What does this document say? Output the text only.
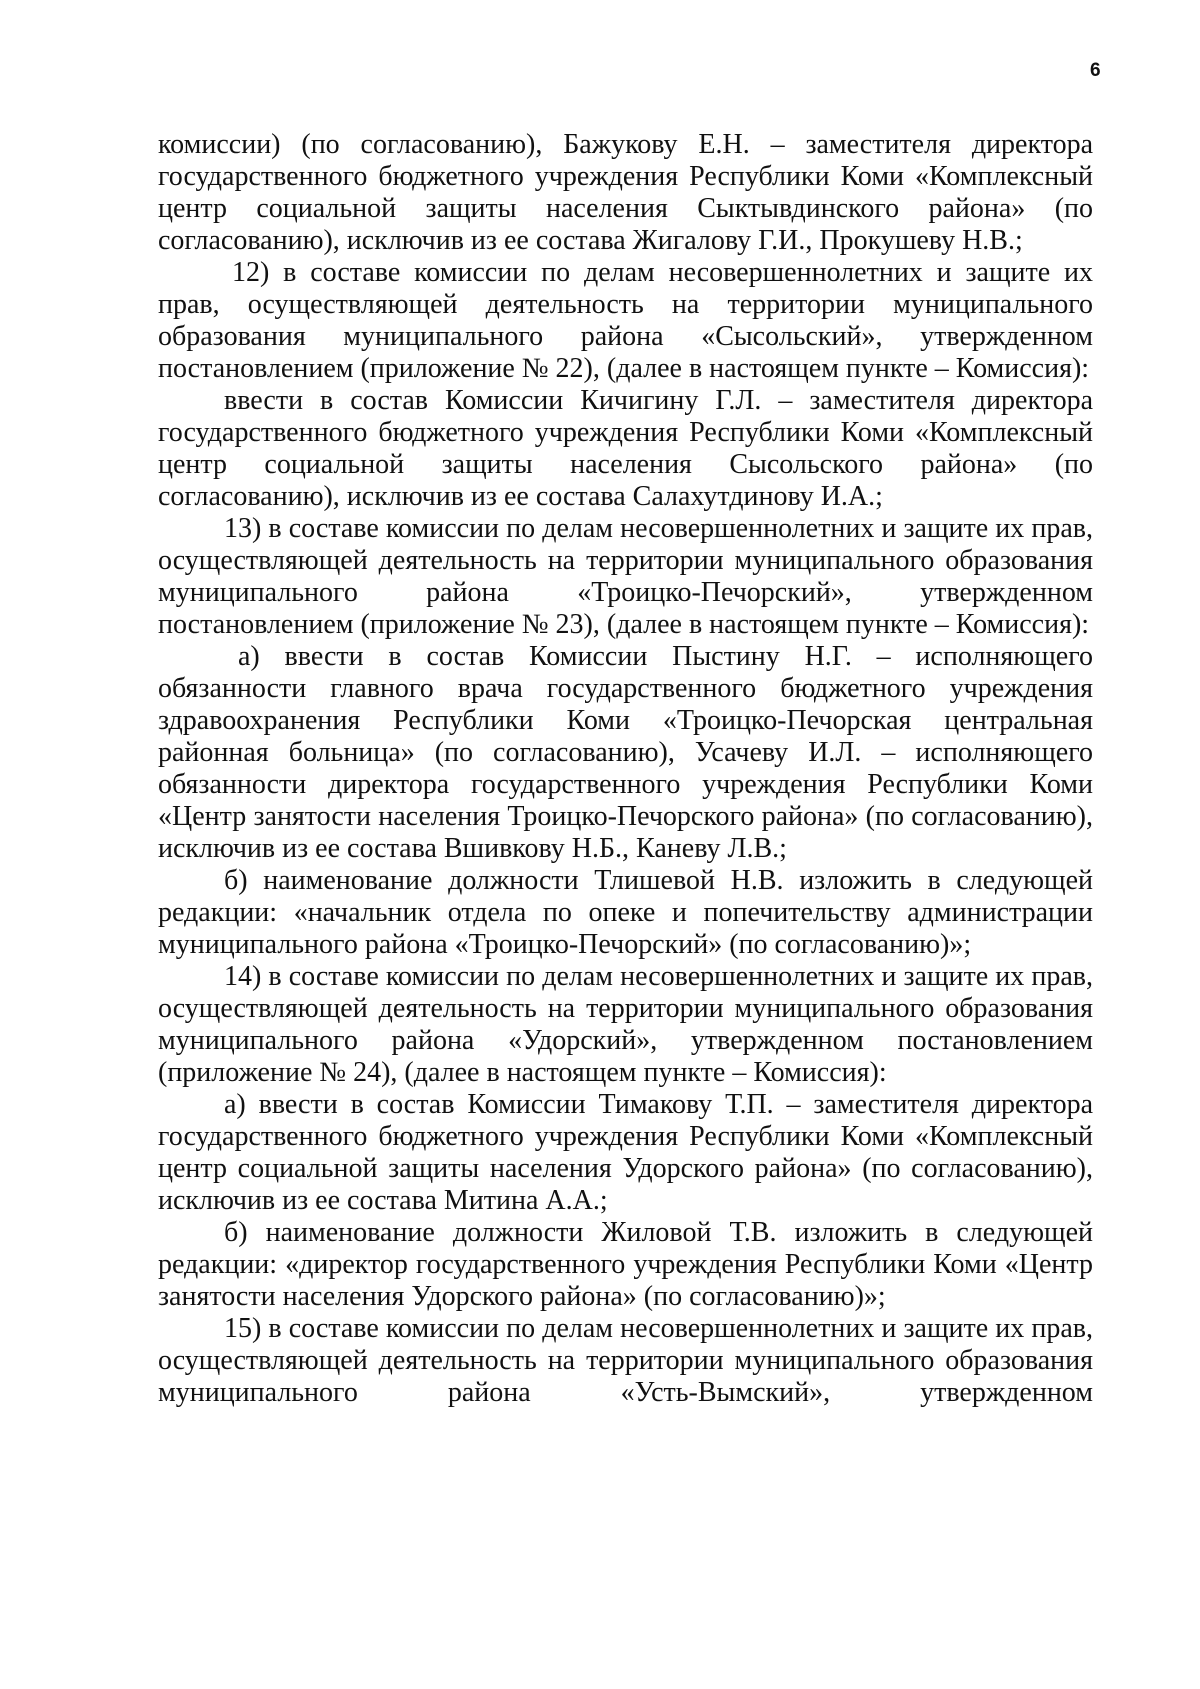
6

комиссии) (по согласованию), Бажукову Е.Н. – заместителя директора государственного бюджетного учреждения Республики Коми «Комплексный центр социальной защиты населения Сыктывдинского района» (по согласованию), исключив из ее состава Жигалову Г.И., Прокушеву Н.В.;

12) в составе комиссии по делам несовершеннолетних и защите их прав, осуществляющей деятельность на территории муниципального образования муниципального района «Сысольский», утвержденном постановлением (приложение № 22), (далее в настоящем пункте – Комиссия):

ввести в состав Комиссии Кичигину Г.Л. – заместителя директора государственного бюджетного учреждения Республики Коми «Комплексный центр социальной защиты населения Сысольского района» (по согласованию), исключив из ее состава Салахутдинову И.А.;

13) в составе комиссии по делам несовершеннолетних и защите их прав, осуществляющей деятельность на территории муниципального образования муниципального района «Троицко-Печорский», утвержденном постановлением (приложение № 23), (далее в настоящем пункте – Комиссия):

а) ввести в состав Комиссии Пыстину Н.Г. – исполняющего обязанности главного врача государственного бюджетного учреждения здравоохранения Республики Коми «Троицко-Печорская центральная районная больница» (по согласованию), Усачеву И.Л. – исполняющего обязанности директора государственного учреждения Республики Коми «Центр занятости населения Троицко-Печорского района» (по согласованию), исключив из ее состава Вшивкову Н.Б., Каневу Л.В.;

б) наименование должности Тлишевой Н.В. изложить в следующей редакции: «начальник отдела по опеке и попечительству администрации муниципального района «Троицко-Печорский» (по согласованию)»;

14) в составе комиссии по делам несовершеннолетних и защите их прав, осуществляющей деятельность на территории муниципального образования муниципального района «Удорский», утвержденном постановлением (приложение № 24), (далее в настоящем пункте – Комиссия):

а) ввести в состав Комиссии Тимакову Т.П. – заместителя директора государственного бюджетного учреждения Республики Коми «Комплексный центр социальной защиты населения Удорского района» (по согласованию), исключив из ее состава Митина А.А.;

б) наименование должности Жиловой Т.В. изложить в следующей редакции: «директор государственного учреждения Республики Коми «Центр занятости населения Удорского района» (по согласованию)»;

15) в составе комиссии по делам несовершеннолетних и защите их прав, осуществляющей деятельность на территории муниципального образования муниципального района «Усть-Вымский», утвержденном
